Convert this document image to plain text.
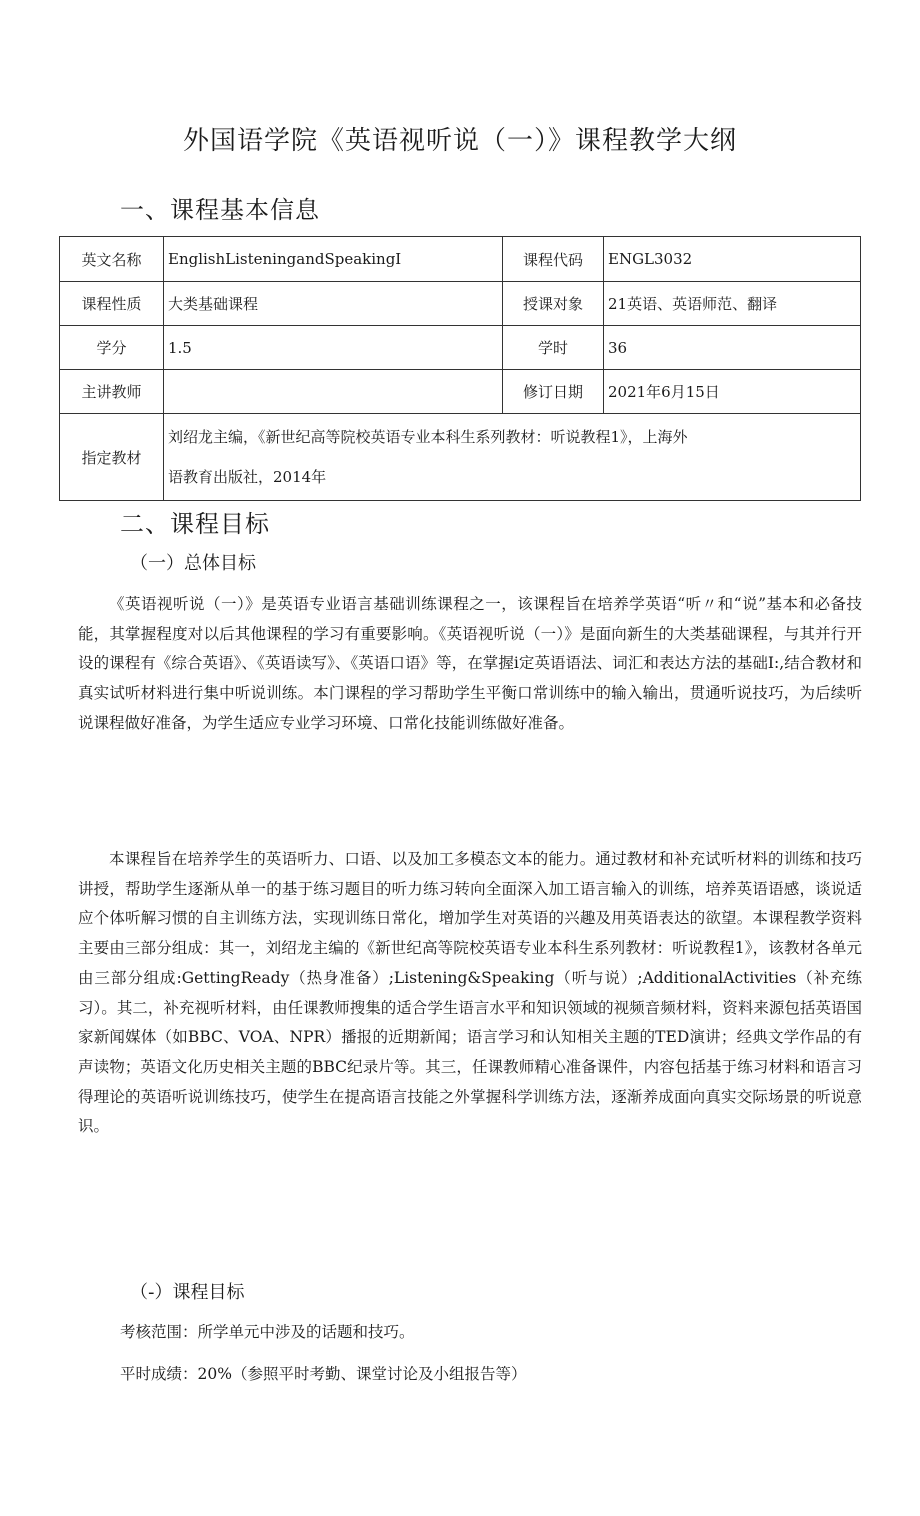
外国语学院《英语视听说（一）》课程教学大纲
一、课程基本信息
英文名称	EnglishListeningandSpeakingI	课程代码	ENGL3032
课程性质	大类基础课程	授课对象	21英语、英语师范、翻译
学分	1.5	学时	36
主讲教师		修订日期	2021年6月15日
指定教材	刘绍龙主编，《新世纪高等院校英语专业本科生系列教材：听说教程1》，上海外
语教育出版社，2014年		
二、课程目标
（一）总体目标

《英语视听说（一）》是英语专业语言基础训练课程之一，该课程旨在培养学英语“听〃和“说”基本和必备技能，其掌握程度对以后其他课程的学习有重要影响。《英语视听说（一）》是面向新生的大类基础课程，与其并行开设的课程有《综合英语》、《英语读写》、《英语口语》等，在掌握i定英语语法、词汇和表达方法的基础I:,结合教材和真实试听材料进行集中听说训练。本门课程的学习帮助学生平衡口常训练中的输入输出，贯通听说技巧，为后续听说课程做好准备，为学生适应专业学习环境、口常化技能训练做好准备。

本课程旨在培养学生的英语听力、口语、以及加工多模态文本的能力。通过教材和补充试听材料的训练和技巧讲授，帮助学生逐渐从单一的基于练习题目的听力练习转向全面深入加工语言输入的训练，培养英语语感，谈说适应个体听解习惯的自主训练方法，实现训练日常化，增加学生对英语的兴趣及用英语表达的欲望。本课程教学资料主要由三部分组成：其一，刘绍龙主编的《新世纪高等院校英语专业本科生系列教材：听说教程1》，该教材各单元由三部分组成:GettingReady（热身准备）;Listening&Speaking（听与说）;AdditionalActivities（补充练习）。其二，补充视听材料，由任课教师搜集的适合学生语言水平和知识领域的视频音频材料，资料来源包括英语国家新闻媒体（如BBC、VOA、NPR）播报的近期新闻；语言学习和认知相关主题的TED演讲；经典文学作品的有声读物；英语文化历史相关主题的BBC纪录片等。其三，任课教师精心准备课件，内容包括基于练习材料和语言习得理论的英语听说训练技巧，使学生在提高语言技能之外掌握科学训练方法，逐渐养成面向真实交际场景的听说意识。

（-）课程目标

考核范围：所学单元中涉及的话题和技巧。

平时成绩：20%（参照平时考勤、课堂讨论及小组报告等）
